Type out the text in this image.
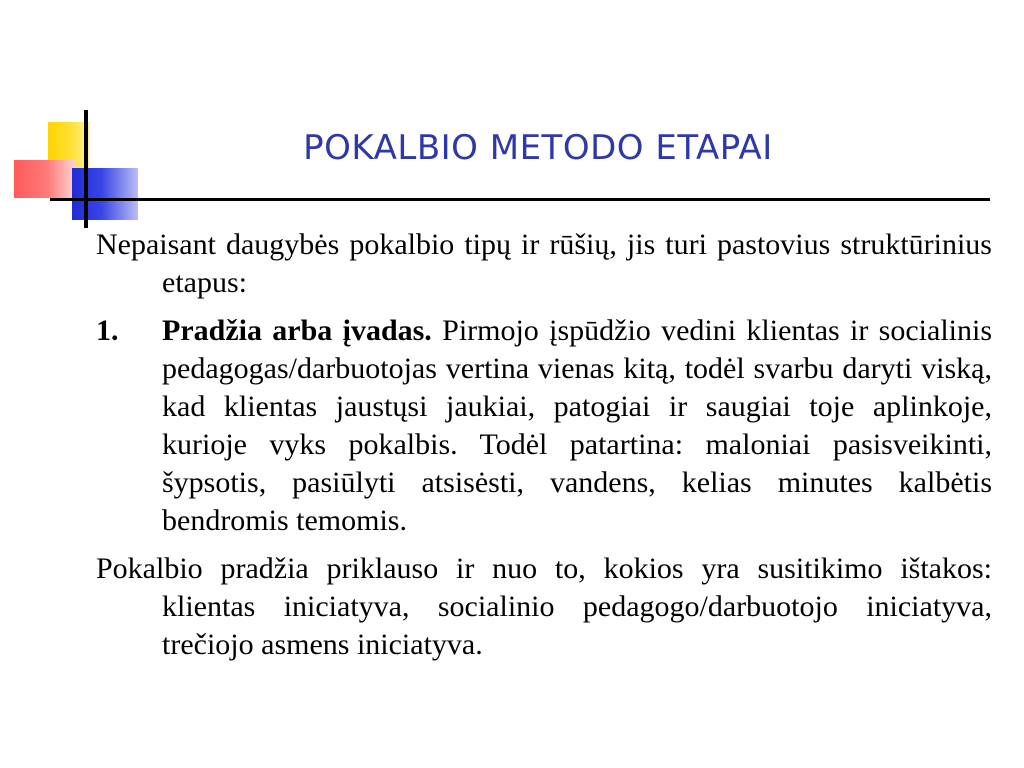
POKALBIO METODO ETAPAI

Nepaisant daugybės pokalbio tipų ir rūšių, jis turi pastovius struktūrinius etapus:

1.	Pradžia arba įvadas. Pirmojo įspūdžio vedini klientas ir socialinis pedagogas/darbuotojas vertina vienas kitą, todėl svarbu daryti viską, kad klientas jaustųsi jaukiai, patogiai ir saugiai toje aplinkoje, kurioje vyks pokalbis. Todėl patartina: maloniai pasisveikinti, šypsotis, pasiūlyti atsisėsti, vandens, kelias minutes kalbėtis bendromis temomis.

Pokalbio pradžia priklauso ir nuo to, kokios yra susitikimo ištakos: klientas iniciatyva, socialinio pedagogo/darbuotojo iniciatyva, trečiojo asmens iniciatyva.
